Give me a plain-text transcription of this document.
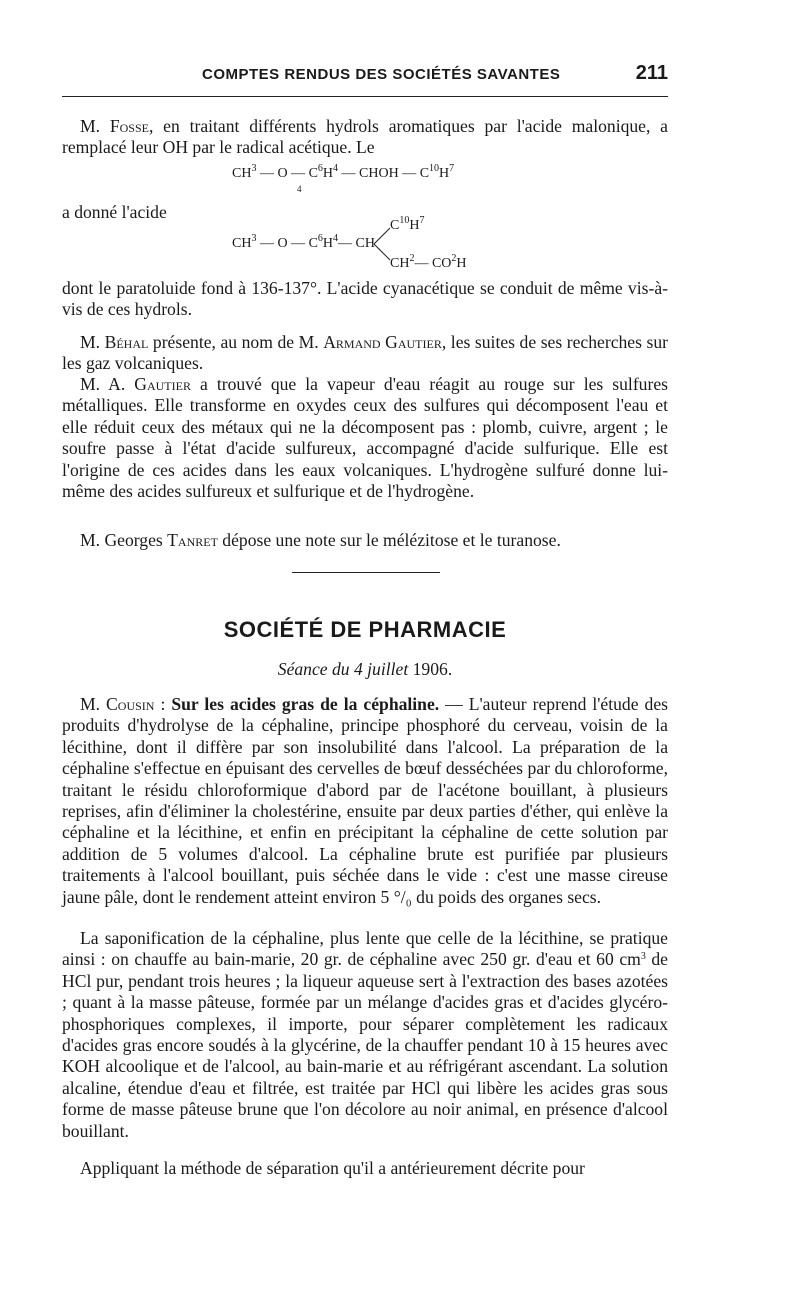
COMPTES RENDUS DES SOCIÉTÉS SAVANTES	211
M. Fosse, en traitant différents hydrols aromatiques par l'acide malonique, a remplacé leur OH par le radical acétique. Le
$CH^3$ — O — $C^6H^4$ — CHOH — $C^{10}H^7$
4
a donné l'acide
$C^{10}H^7$
$CH^3$ — O — $C^6H^4—$ CH
$CH^2—$ $CO^2H$
dont le paratoluide fond à 136-137°. L'acide cyanacétique se conduit de même vis-à-vis de ces hydrols.
M. Béhal présente, au nom de M. Armand Gautier, les suites de ses recherches sur les gaz volcaniques.
M. A. Gautier a trouvé que la vapeur d'eau réagit au rouge sur les sulfures métalliques. Elle transforme en oxydes ceux des sulfures qui décomposent l'eau et elle réduit ceux des métaux qui ne la décomposent pas : plomb, cuivre, argent ; le soufre passe à l'état d'acide sulfureux, accompagné d'acide sulfurique. Elle est l'origine de ces acides dans les eaux volcaniques. L'hydrogène sulfuré donne lui-même des acides sulfureux et sulfurique et de l'hydrogène.
M. Georges Tanret dépose une note sur le mélézitose et le turanose.
SOCIÉTÉ DE PHARMACIE
Séance du 4 juillet 1906.
M. Cousin : Sur les acides gras de la céphaline. — L'auteur reprend l'étude des produits d'hydrolyse de la céphaline, principe phosphoré du cerveau, voisin de la lécithine, dont il diffère par son insolubilité dans l'alcool. La préparation de la céphaline s'effectue en épuisant des cervelles de bœuf desséchées par du chloroforme, traitant le résidu chloroformique d'abord par de l'acétone bouillant, à plusieurs reprises, afin d'éliminer la cholestérine, ensuite par deux parties d'éther, qui enlève la céphaline et la lécithine, et enfin en précipitant la céphaline de cette solution par addition de 5 volumes d'alcool. La céphaline brute est purifiée par plusieurs traitements à l'alcool bouillant, puis séchée dans le vide : c'est une masse cireuse jaune pâle, dont le rendement atteint environ 5 °/₀ du poids des organes secs.
La saponification de la céphaline, plus lente que celle de la lécithine, se pratique ainsi : on chauffe au bain-marie, 20 gr. de céphaline avec 250 gr. d'eau et 60 $cm^3$ de HCl pur, pendant trois heures ; la liqueur aqueuse sert à l'extraction des bases azotées ; quant à la masse pâteuse, formée par un mélange d'acides gras et d'acides glycéro-phosphoriques complexes, il importe, pour séparer complètement les radicaux d'acides gras encore soudés à la glycérine, de la chauffer pendant 10 à 15 heures avec KOH alcoolique et de l'alcool, au bain-marie et au réfrigérant ascendant. La solution alcaline, étendue d'eau et filtrée, est traitée par HCl qui libère les acides gras sous forme de masse pâteuse brune que l'on décolore au noir animal, en présence d'alcool bouillant.
Appliquant la méthode de séparation qu'il a antérieurement décrite pour
